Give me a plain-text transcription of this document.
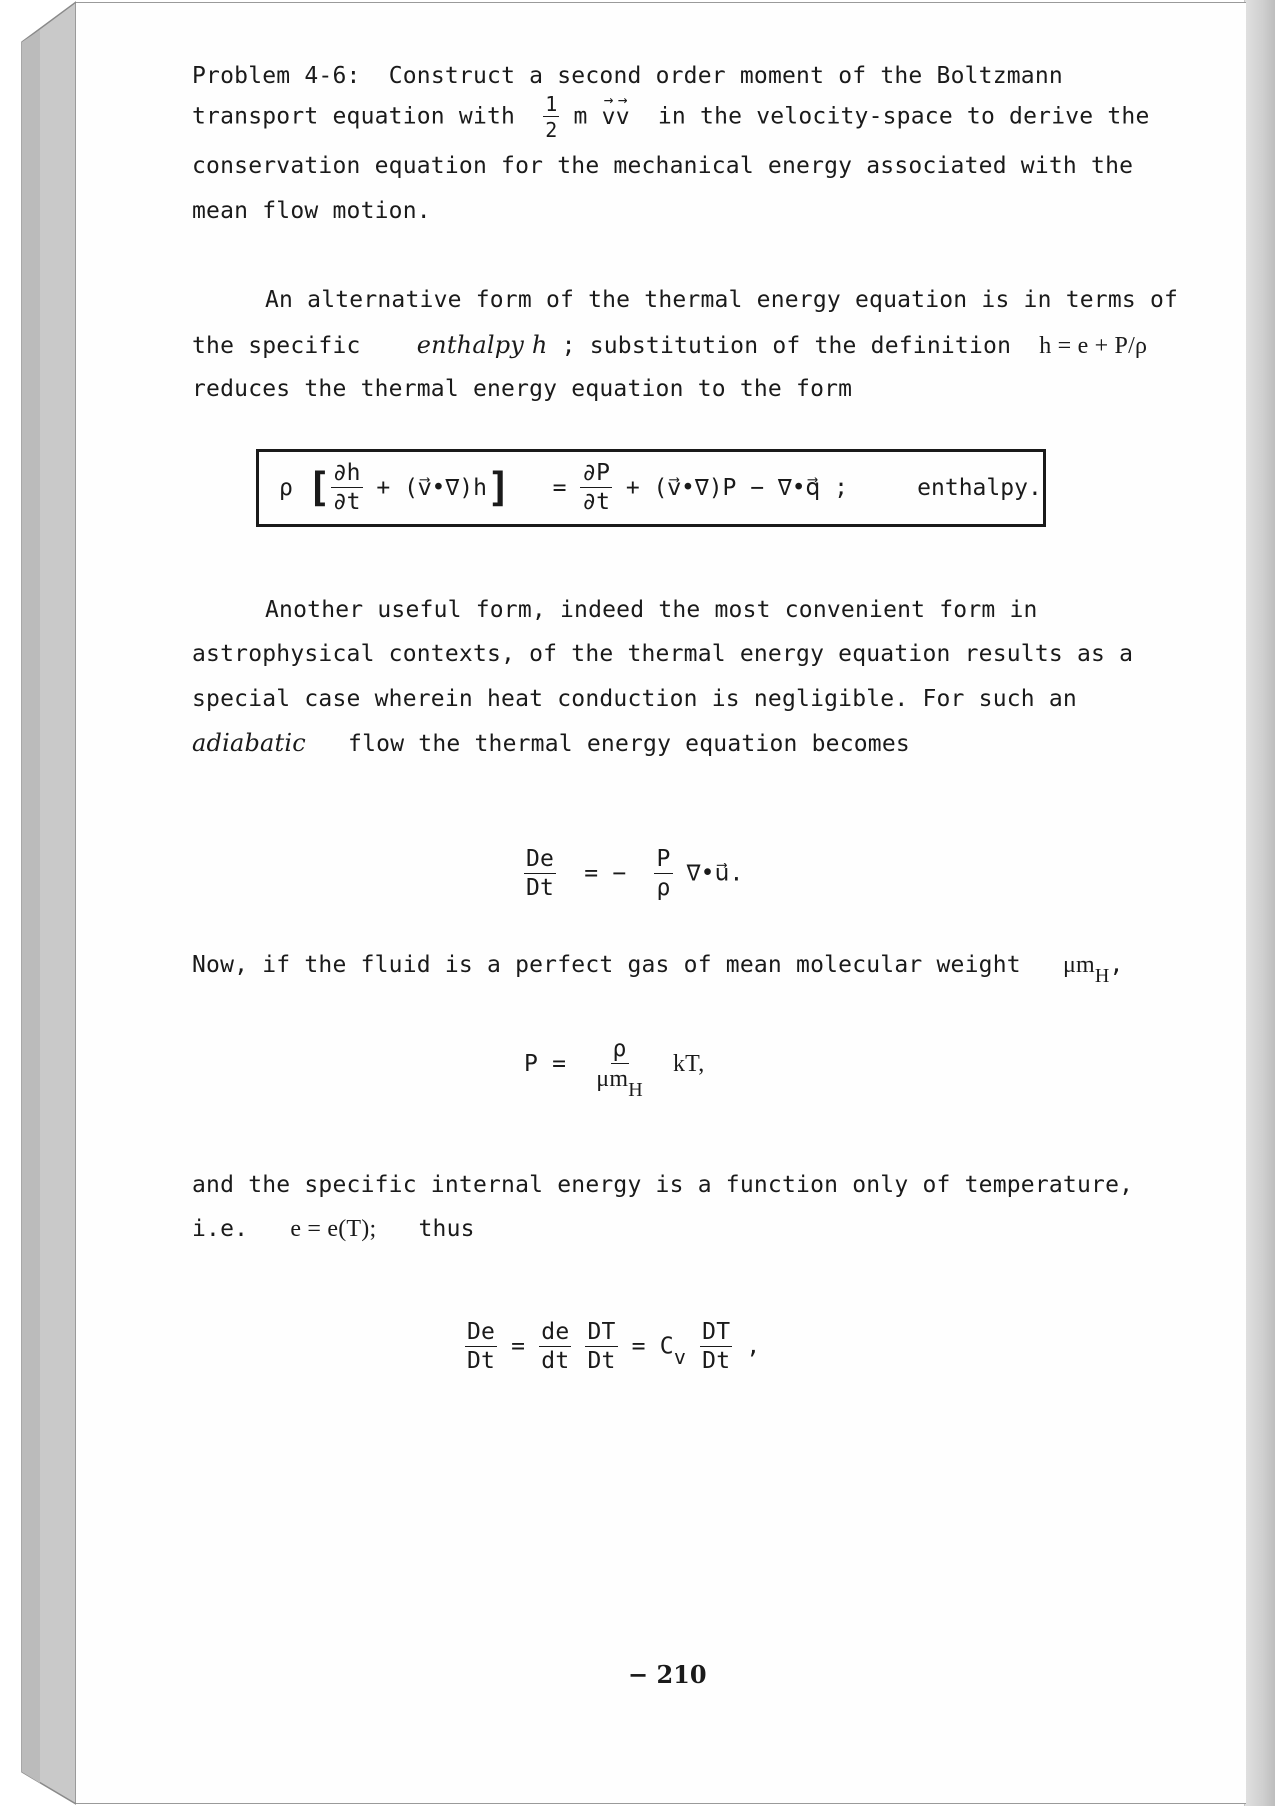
Problem 4-6: Construct a second order moment of the Boltzmann
transport equation with $\frac{1}{2}$ m → v→ v in the velocity-space to derive the
conservation equation for the mechanical energy associated with the
mean flow motion.
An alternative form of the thermal energy equation is in terms of
the specific enthalpy h ; substitution of the definition h = e + P/ρ
reduces the thermal energy equation to the form
ρ
[ $\frac{\partial h}{\partial t}$
+ (v⃗•∇)h ]
=
$\frac{\partial P}{\partial t}$
+ (v⃗•∇)P − ∇•q⃗ ;
	enthalpy.
Another useful form, indeed the most convenient form in
astrophysical contexts, of the thermal energy equation results as a
special case wherein heat conduction is negligible. For such an
adiabatic flow the thermal energy equation becomes
$\frac{De}{Dt}$ = − $\frac{P}{\rho}$ ∇•u⃗.
Now, if the fluid is a perfect gas of mean molecular weight μmH,
$P = \frac{\rho}{\text{μmH}}$ kT,
and the specific internal energy is a function only of temperature,
i.e. e = e(T); thus
$\frac{De}{Dt} = \frac{de}{dt}$
$\frac{DT}{Dt} = Cv \frac{DT}{Dt}$ ,
− 210
